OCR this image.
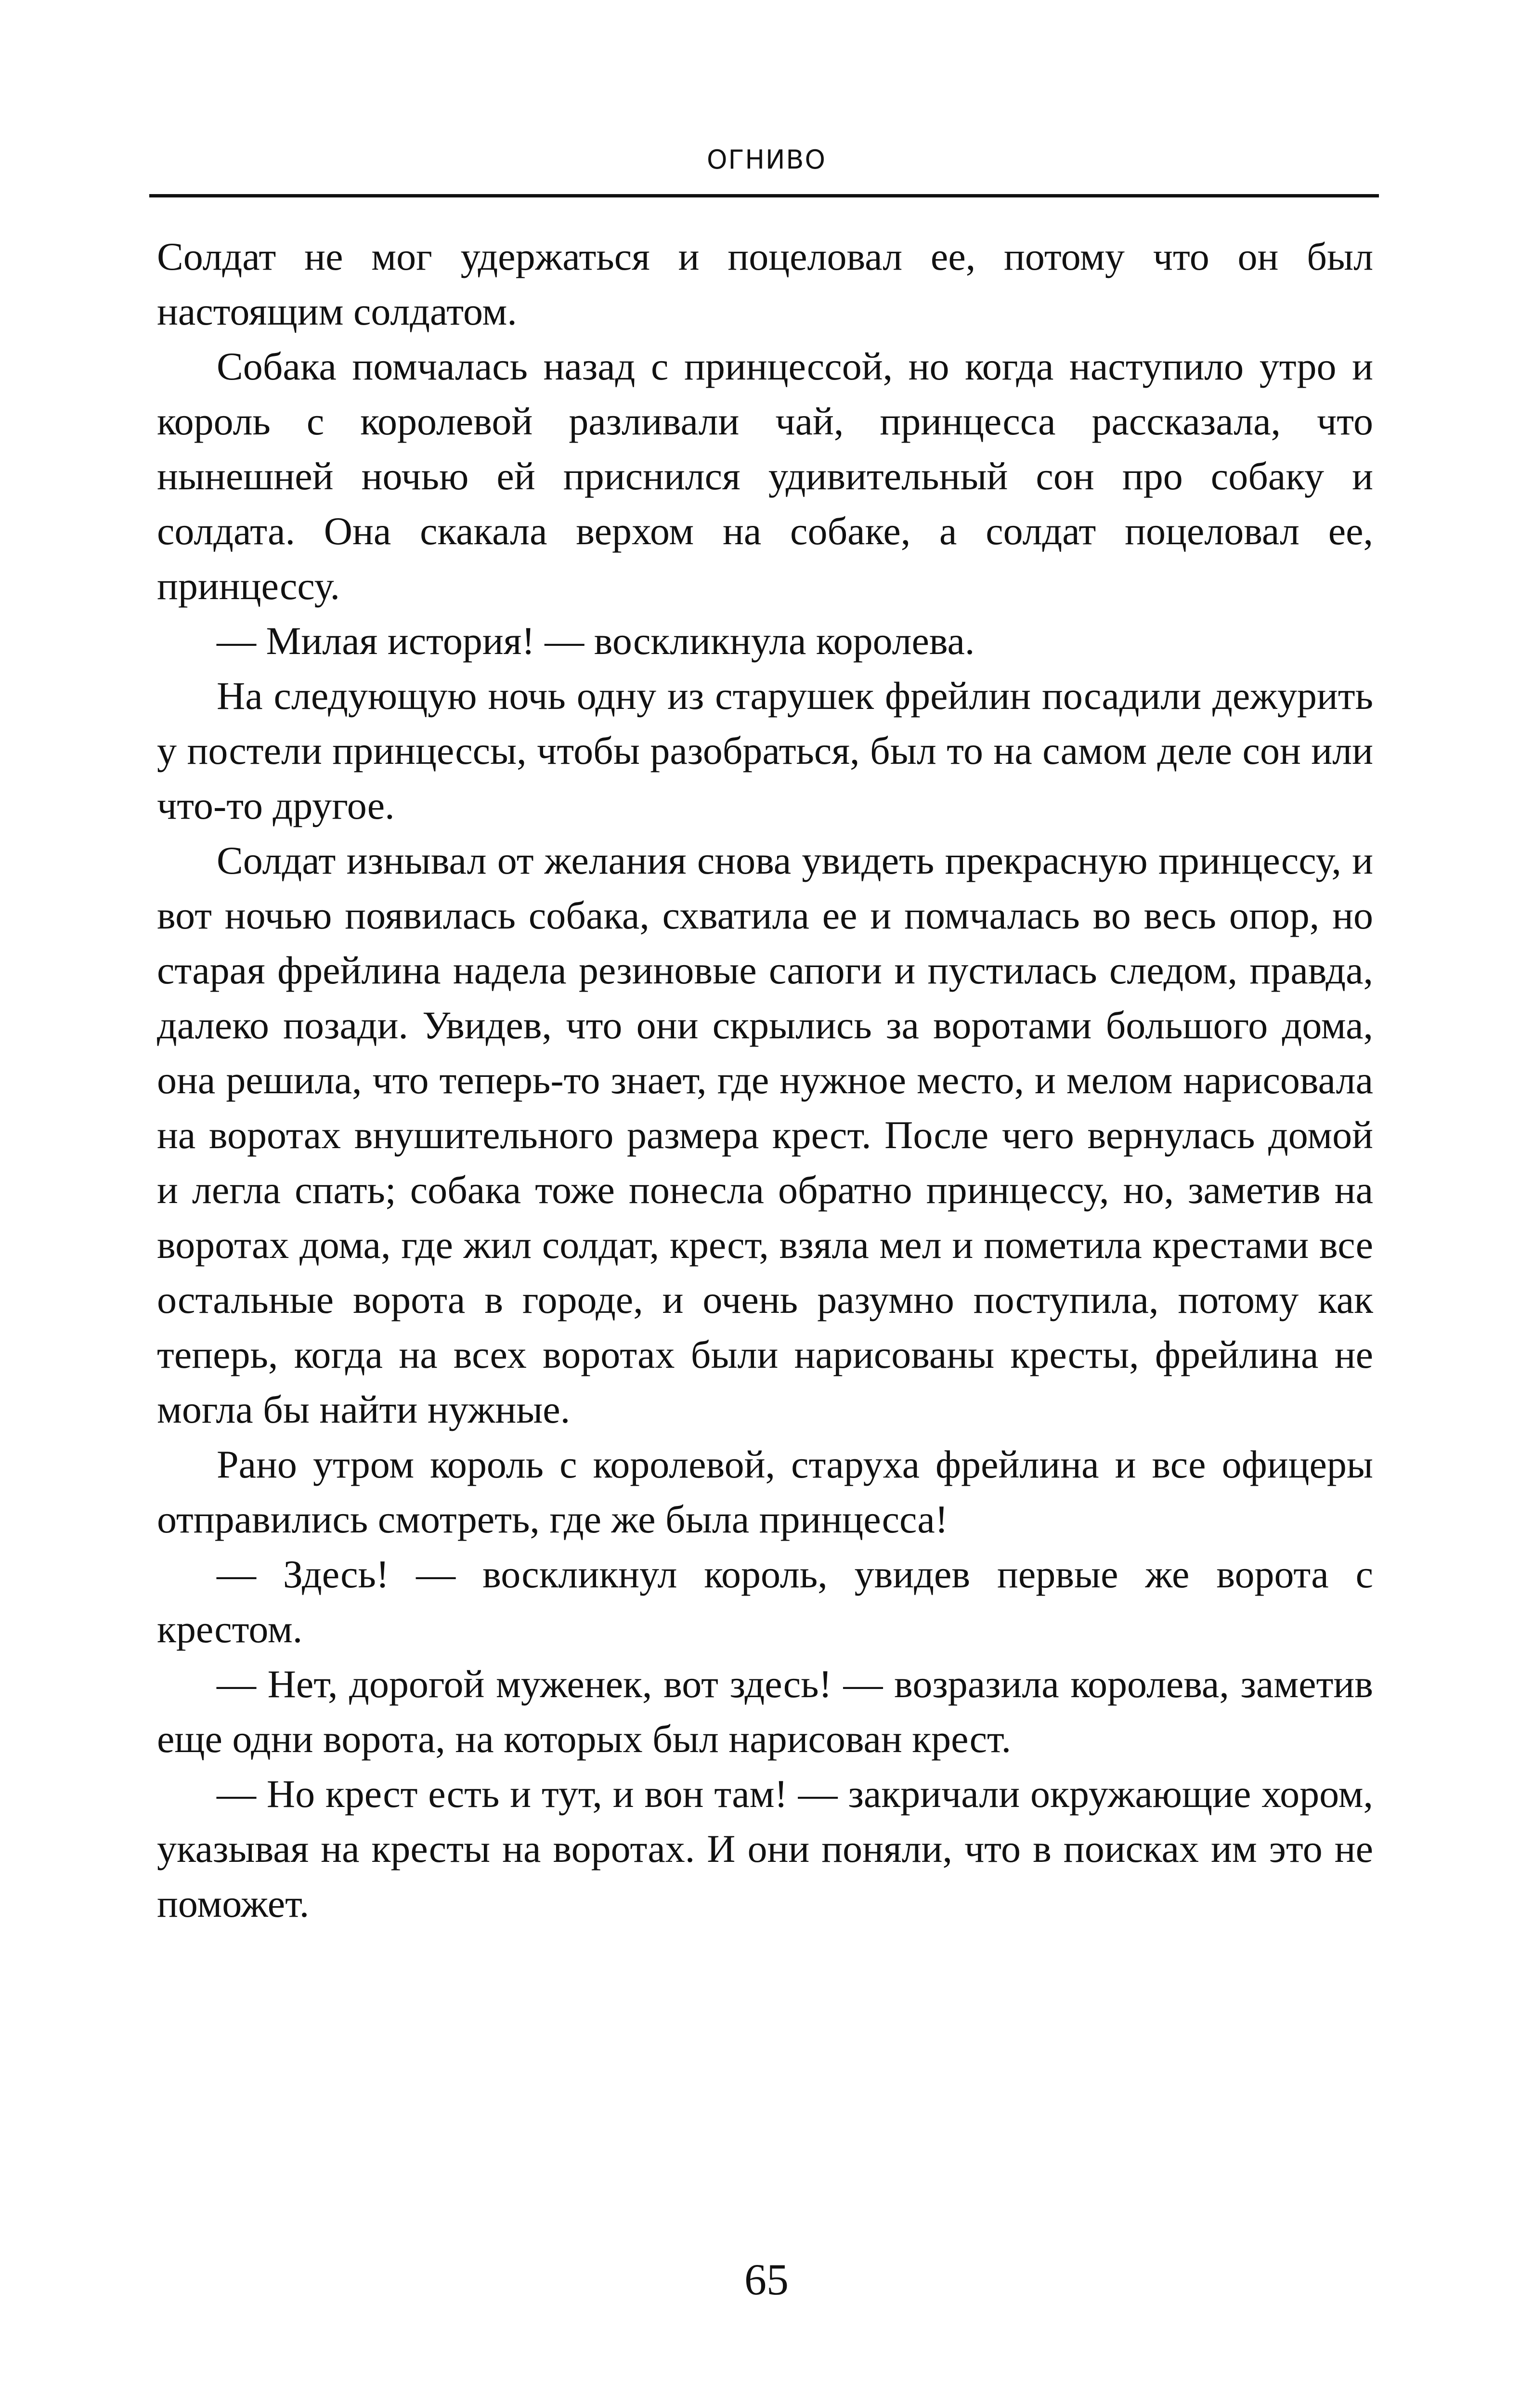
ОГНИВО

Солдат не мог удержаться и поцеловал ее, потому что он был настоящим солдатом.

Собака помчалась назад с принцессой, но когда наступило утро и король с королевой разливали чай, принцесса рассказала, что нынешней ночью ей приснился удивительный сон про собаку и солдата. Она скакала верхом на собаке, а солдат поцеловал ее, принцессу.

— Милая история! — воскликнула королева.

На следующую ночь одну из старушек фрейлин посадили дежурить у постели принцессы, чтобы разобраться, был то на самом деле сон или что-то другое.

Солдат изнывал от желания снова увидеть прекрасную принцессу, и вот ночью появилась собака, схватила ее и помчалась во весь опор, но старая фрейлина надела резиновые сапоги и пустилась следом, правда, далеко позади. Увидев, что они скрылись за воротами большого дома, она решила, что теперь-то знает, где нужное место, и мелом нарисовала на воротах внушительного размера крест. После чего вернулась домой и легла спать; собака тоже понесла обратно принцессу, но, заметив на воротах дома, где жил солдат, крест, взяла мел и пометила крестами все остальные ворота в городе, и очень разумно поступила, потому как теперь, когда на всех воротах были нарисованы кресты, фрейлина не могла бы найти нужные.

Рано утром король с королевой, старуха фрейлина и все офицеры отправились смотреть, где же была принцесса!

— Здесь! — воскликнул король, увидев первые же ворота с крестом.

— Нет, дорогой муженек, вот здесь! — возразила королева, заметив еще одни ворота, на которых был нарисован крест.

— Но крест есть и тут, и вон там! — закричали окружающие хором, указывая на кресты на воротах. И они поняли, что в поисках им это не поможет.

65
